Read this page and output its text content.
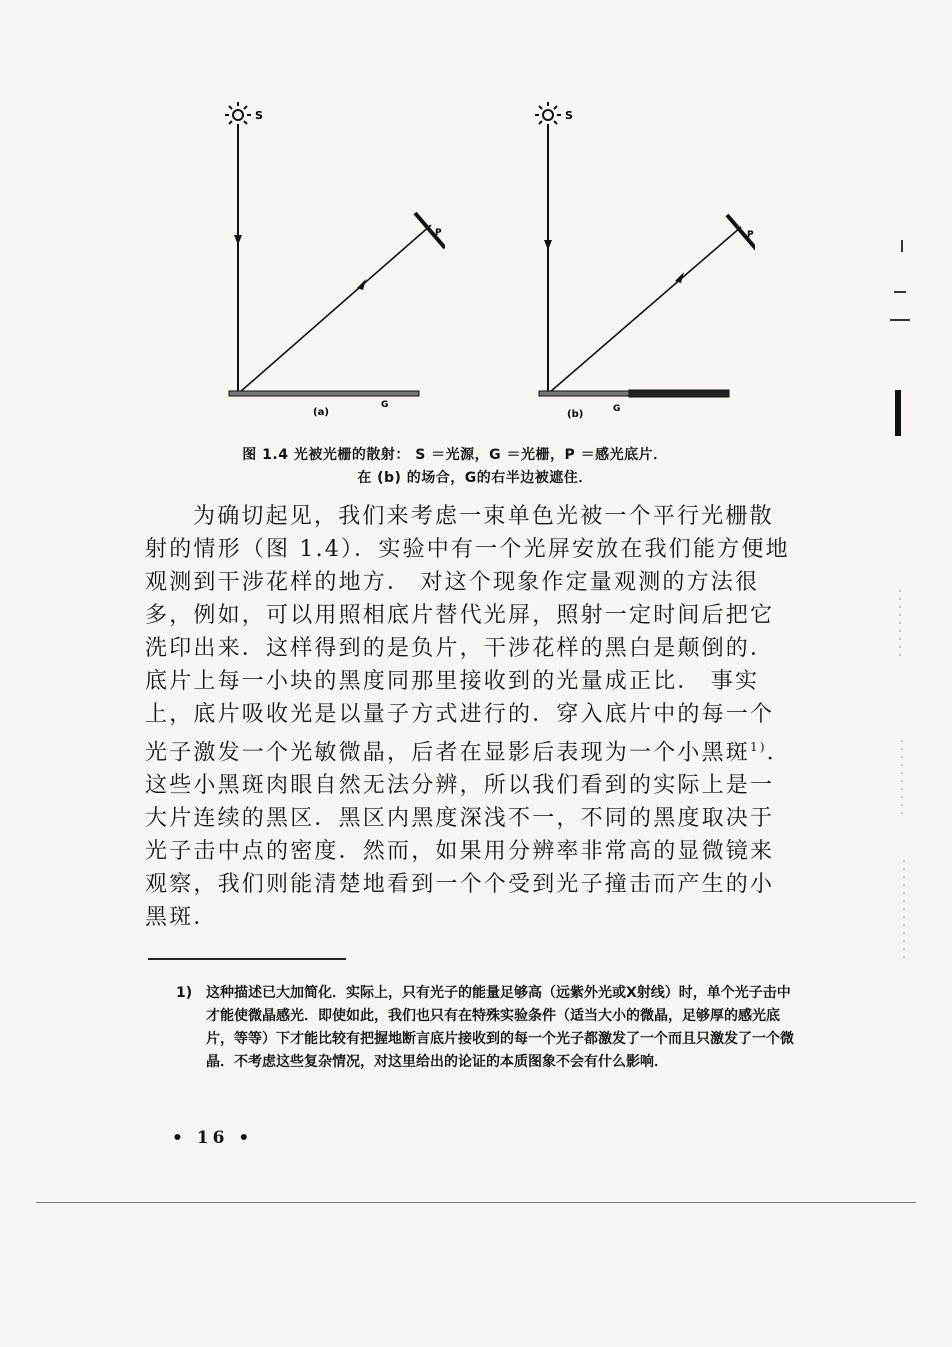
S
P
(a)
G
S
P
(b)	G
图 1.4 光被光栅的散射： S ＝光源，G ＝光栅，P ＝感光底片．
在 (b) 的场合，G的右半边被遮住．

为确切起见，我们来考虑一束单色光被一个平行光栅散射的情形（图 1.4）．实验中有一个光屏安放在我们能方便地观测到干涉花样的地方． 对这个现象作定量观测的方法很多，例如，可以用照相底片替代光屏，照射一定时间后把它洗印出来．这样得到的是负片，干涉花样的黑白是颠倒的．底片上每一小块的黑度同那里接收到的光量成正比． 事实上，底片吸收光是以量子方式进行的．穿入底片中的每一个光子激发一个光敏微晶，后者在显影后表现为一个小黑斑$^{1)}$．这些小黑斑肉眼自然无法分辨，所以我们看到的实际上是一大片连续的黑区．黑区内黑度深浅不一，不同的黑度取决于光子击中点的密度．然而，如果用分辨率非常高的显微镜来观察，我们则能清楚地看到一个个受到光子撞击而产生的小黑斑．

1) 这种描述已大加简化．实际上，只有光子的能量足够高（远紫外光或X射线）时，单个光子击中才能使微晶感光．即使如此，我们也只有在特殊实验条件（适当大小的微晶，足够厚的感光底片，等等）下才能比较有把握地断言底片接收到的每一个光子都激发了一个而且只激发了一个微晶．不考虑这些复杂情况，对这里给出的论证的本质图象不会有什么影响．
• 16 •
